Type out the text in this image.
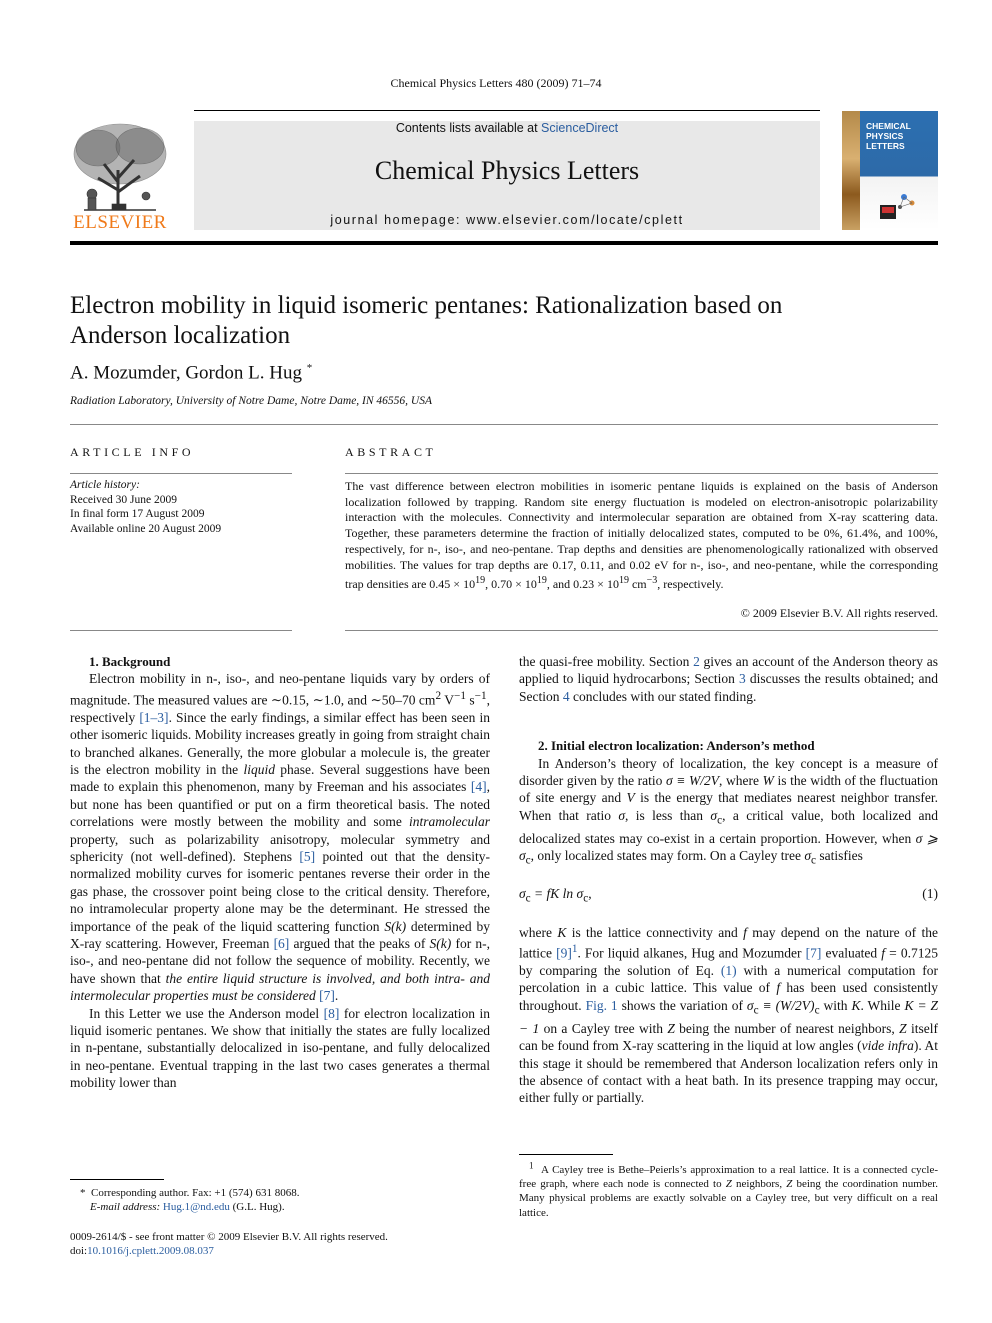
Chemical Physics Letters 480 (2009) 71–74
ELSEVIER
Contents lists available at ScienceDirect
Chemical Physics Letters
journal homepage: www.elsevier.com/locate/cplett
CHEMICAL
PHYSICS
LETTERS
Electron mobility in liquid isomeric pentanes: Rationalization based on
Anderson localization
A. Mozumder, Gordon L. Hug *
Radiation Laboratory, University of Notre Dame, Notre Dame, IN 46556, USA
ARTICLE INFO
Article history:
Received 30 June 2009
In final form 17 August 2009
Available online 20 August 2009
ABSTRACT
The vast difference between electron mobilities in isomeric pentane liquids is explained on the basis of Anderson localization followed by trapping. Random site energy fluctuation is modeled on electron-anisotropic polarizability interaction with the molecules. Connectivity and intermolecular separation are obtained from X-ray scattering data. Together, these parameters determine the fraction of initially delocalized states, computed to be 0%, 61.4%, and 100%, respectively, for n-, iso-, and neo-pentane. Trap depths and densities are phenomenologically rationalized with observed mobilities. The values for trap depths are 0.17, 0.11, and 0.02 eV for n-, iso-, and neo-pentane, while the corresponding trap densities are $0.45 \times 10^{19}$, $0.70 \times 10^{19}$, and $0.23 \times 10^{19}$ $cm^{-3}$, respectively.
© 2009 Elsevier B.V. All rights reserved.

1. Background

Electron mobility in n-, iso-, and neo-pentane liquids vary by orders of magnitude. The measured values are ∼0.15, ∼1.0, and ∼50–70 $cm^2$ $V^{-1}$ $s^{-1}$, respectively [1–3]. Since the early findings, a similar effect has been seen in other isomeric liquids. Mobility increases greatly in going from straight chain to branched alkanes. Generally, the more globular a molecule is, the greater is the electron mobility in the liquid phase. Several suggestions have been made to explain this phenomenon, many by Freeman and his associates [4], but none has been quantified or put on a firm theoretical basis. The noted correlations were mostly between the mobility and some intramolecular property, such as polarizability anisotropy, molecular symmetry and sphericity (not well-defined). Stephens [5] pointed out that the density-normalized mobility curves for isomeric pentanes reverse their order in the gas phase, the crossover point being close to the critical density. Therefore, no intramolecular property alone may be the determinant. He stressed the importance of the peak of the liquid scattering function S(k) determined by X-ray scattering. However, Freeman [6] argued that the peaks of S(k) for n-, iso-, and neo-pentane did not follow the sequence of mobility. Recently, we have shown that the entire liquid structure is involved, and both intra- and intermolecular properties must be considered [7].

In this Letter we use the Anderson model [8] for electron localization in liquid isomeric pentanes. We show that initially the states are fully localized in n-pentane, substantially delocalized in iso-pentane, and fully delocalized in neo-pentane. Eventual trapping in the last two cases generates a thermal mobility lower than

* Corresponding author. Fax: +1 (574) 631 8068.
E-mail address: Hug.1@nd.edu (G.L. Hug).
0009-2614/$ - see front matter © 2009 Elsevier B.V. All rights reserved.
doi:10.1016/j.cplett.2009.08.037

the quasi-free mobility. Section 2 gives an account of the Anderson theory as applied to liquid hydrocarbons; Section 3 discusses the results obtained; and Section 4 concludes with our stated finding.

2. Initial electron localization: Anderson’s method

In Anderson’s theory of localization, the key concept is a measure of disorder given by the ratio σ ≡ W/2V, where W is the width of the fluctuation of site energy and V is the energy that mediates nearest neighbor transfer. When that ratio σ, is less than $\sigma_c$, a critical value, both localized and delocalized states may co-exist in a certain proportion. However, when σ ⩾ $\sigma_c$, only localized states may form. On a Cayley tree $\sigma_c$ satisfies

$\sigma_c$ = fK $\ln \sigma_c$,	(1)

where K is the lattice connectivity and f may depend on the nature of the lattice $[9]^1$. For liquid alkanes, Hug and Mozumder [7] evaluated f = 0.7125 by comparing the solution of Eq. (1) with a numerical computation for percolation in a cubic lattice. This value of f has been used consistently throughout. Fig. 1 shows the variation of $\sigma_c \equiv (W/2V)_c$ with K. While K = Z − 1 on a Cayley tree with Z being the number of nearest neighbors, Z itself can be found from X-ray scattering in the liquid at low angles (vide infra). At this stage it should be remembered that Anderson localization refers only in the absence of contact with a heat bath. In its presence trapping may occur, either fully or partially.

$^1$ A Cayley tree is Bethe–Peierls’s approximation to a real lattice. It is a connected cycle-free graph, where each node is connected to Z neighbors, Z being the coordination number. Many physical problems are exactly solvable on a Cayley tree, but very difficult on a real lattice.
